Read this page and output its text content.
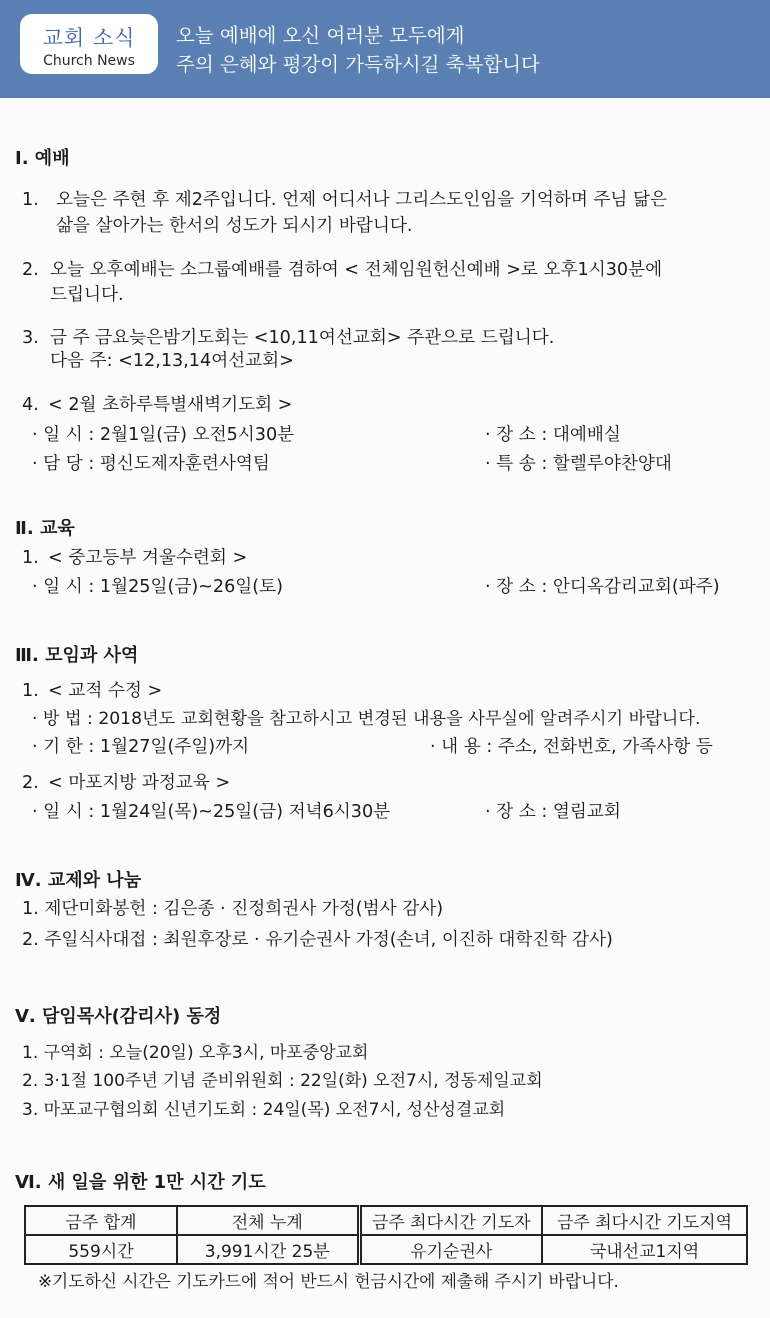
교회 소식
Church News
오늘 예배에 오신 여러분 모두에게
주의 은혜와 평강이 가득하시길 축복합니다
Ⅰ. 예배
1. 오늘은 주현 후 제2주입니다. 언제 어디서나 그리스도인임을 기억하며 주님 닮은
삶을 살아가는 한서의 성도가 되시기 바랍니다.
2. 오늘 오후예배는 소그룹예배를 겸하여 < 전체임원헌신예배 >로 오후1시30분에
드립니다.
3. 금 주 금요늦은밤기도회는 <10,11여선교회> 주관으로 드립니다.
다음 주: <12,13,14여선교회>
4. < 2월 초하루특별새벽기도회 >
· 일 시 : 2월1일(금) 오전5시30분	· 장 소 : 대예배실
· 담 당 : 평신도제자훈련사역팀	· 특 송 : 할렐루야찬양대
Ⅱ. 교육
1. < 중고등부 겨울수련회 >
· 일 시 : 1월25일(금)~26일(토)	· 장 소 : 안디옥감리교회(파주)
Ⅲ. 모임과 사역
1. < 교적 수정 >
· 방 법 : 2018년도 교회현황을 참고하시고 변경된 내용을 사무실에 알려주시기 바랍니다.
· 기 한 : 1월27일(주일)까지	· 내 용 : 주소, 전화번호, 가족사항 등
2. < 마포지방 과정교육 >
· 일 시 : 1월24일(목)~25일(금) 저녁6시30분	· 장 소 : 열림교회
Ⅳ. 교제와 나눔
1. 제단미화봉헌 : 김은종 · 진정희권사 가정(범사 감사)
2. 주일식사대접 : 최원후장로 · 유기순권사 가정(손녀, 이진하 대학진학 감사)
Ⅴ. 담임목사(감리사) 동정
1. 구역회 : 오늘(20일) 오후3시, 마포중앙교회
2. 3·1절 100주년 기념 준비위원회 : 22일(화) 오전7시, 정동제일교회
3. 마포교구협의회 신년기도회 : 24일(목) 오전7시, 성산성결교회
Ⅵ. 새 일을 위한 1만 시간 기도
금주 합계	전체 누계	금주 최다시간 기도자	금주 최다시간 기도지역
559시간	3,991시간 25분	유기순권사	국내선교1지역
※기도하신 시간은 기도카드에 적어 반드시 헌금시간에 제출해 주시기 바랍니다.
